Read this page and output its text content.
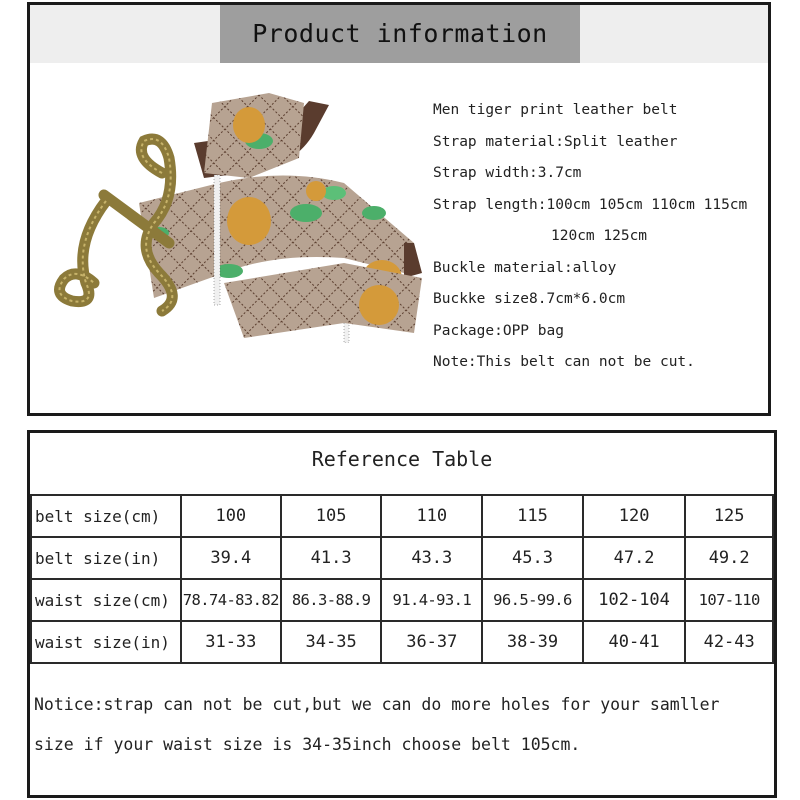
Product information
Men tiger print leather belt
Strap material:Split leather
Strap width:3.7cm
Strap length:100cm 105cm 110cm 115cm
120cm 125cm
Buckle material:alloy
Buckke size8.7cm*6.0cm
Package:OPP bag
Note:This belt can not be cut.
Reference Table
belt size(cm)	100	105	110	115	120	125
belt size(in)	39.4	41.3	43.3	45.3	47.2	49.2
waist size(cm)	78.74-83.82	86.3-88.9	91.4-93.1	96.5-99.6	102-104	107-110
waist size(in)	31-33	34-35	36-37	38-39	40-41	42-43
Notice:strap can not be cut,but we can do more holes for your samller
size if your waist size is 34-35inch choose belt 105cm.
